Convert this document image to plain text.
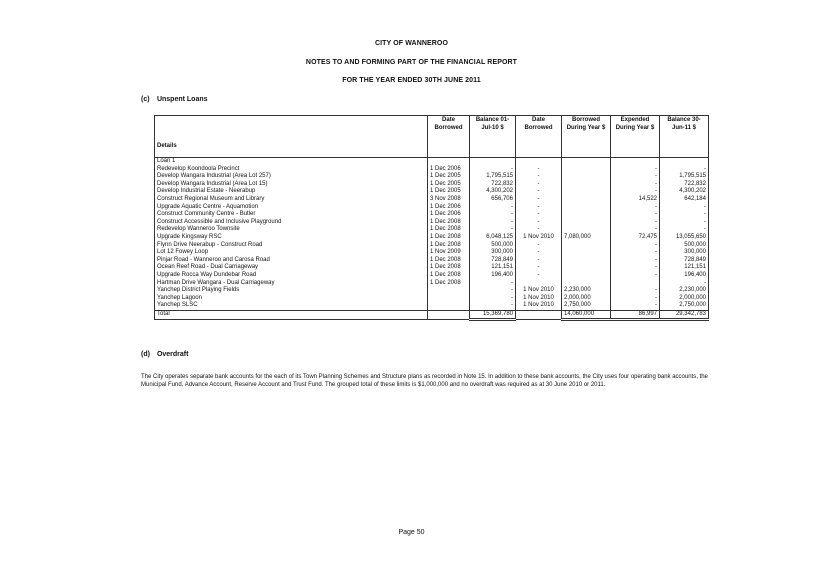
CITY OF WANNEROO
NOTES TO AND FORMING PART OF THE FINANCIAL REPORT
FOR THE YEAR ENDED 30TH JUNE 2011
(c) Unspent Loans
Details	Date Borrowed	Balance 01-Jul-10 $	Date Borrowed	Borrowed During Year $	Expended During Year $	Balance 30-Jun-11 $
Loan 1						
Redevelop Koondoola Precinct	1 Dec 2006	-	-		-	-
Develop Wangara Industrial (Area Lot 257)	1 Dec 2005	1,795,515	-		-	1,795,515
Develop Wangara Industrial (Area Lot 15)	1 Dec 2005	722,832	-		-	722,832
Develop Industrial Estate - Neerabup	1 Dec 2005	4,300,202	-		-	4,300,202
Construct Regional Museum and Library	3 Nov 2008	656,706	-		14,522	642,184
Upgrade Aquatic Centre - Aquamotion	1 Dec 2006	-	-		-	-
Construct Community Centre - Butler	1 Dec 2006	-	-		-	-
Construct Accessible and Inclusive Playground	1 Dec 2008	-	-		-	-
Redevelop Wanneroo Townsite	1 Dec 2008	-	-		-	-
Upgrade Kingsway RSC	1 Dec 2008	6,048,125	1 Nov 2010	7,080,000	72,475	13,055,650
Flynn Drive Neerabup - Construct Road	1 Dec 2008	500,000	-		-	500,000
Lot 12 Fowey Loop	1 Nov 2009	300,000	-		-	300,000
Pinjar Road - Wanneroo and Carosa Road	1 Dec 2008	728,849	-		-	728,849
Ocean Reef Road - Dual Carriageway	1 Dec 2008	121,151	-		-	121,151
Upgrade Rocca Way Dundebar Road	1 Dec 2008	196,400	-		-	196,400
Hartman Drive Wangara - Dual Carriageway	1 Dec 2008	-				-
Yanchep District Playing Fields		-	1 Nov 2010	2,230,000	-	2,230,000
Yanchep Lagoon		-	1 Nov 2010	2,000,000	-	2,000,000
Yanchep SLSC		-	1 Nov 2010	2,750,000	-	2,750,000
Total		15,369,780		14,060,000	86,997	29,342,783
(d) Overdraft
The City operates separate bank accounts for the each of its Town Planning Schemes and Structure plans as recorded in Note 15. In addition to these bank accounts, the City uses four operating bank accounts, the Municipal Fund, Advance Account, Reserve Account and Trust Fund. The grouped total of these limits is $1,000,000 and no overdraft was required as at 30 June 2010 or 2011.
Page 50
